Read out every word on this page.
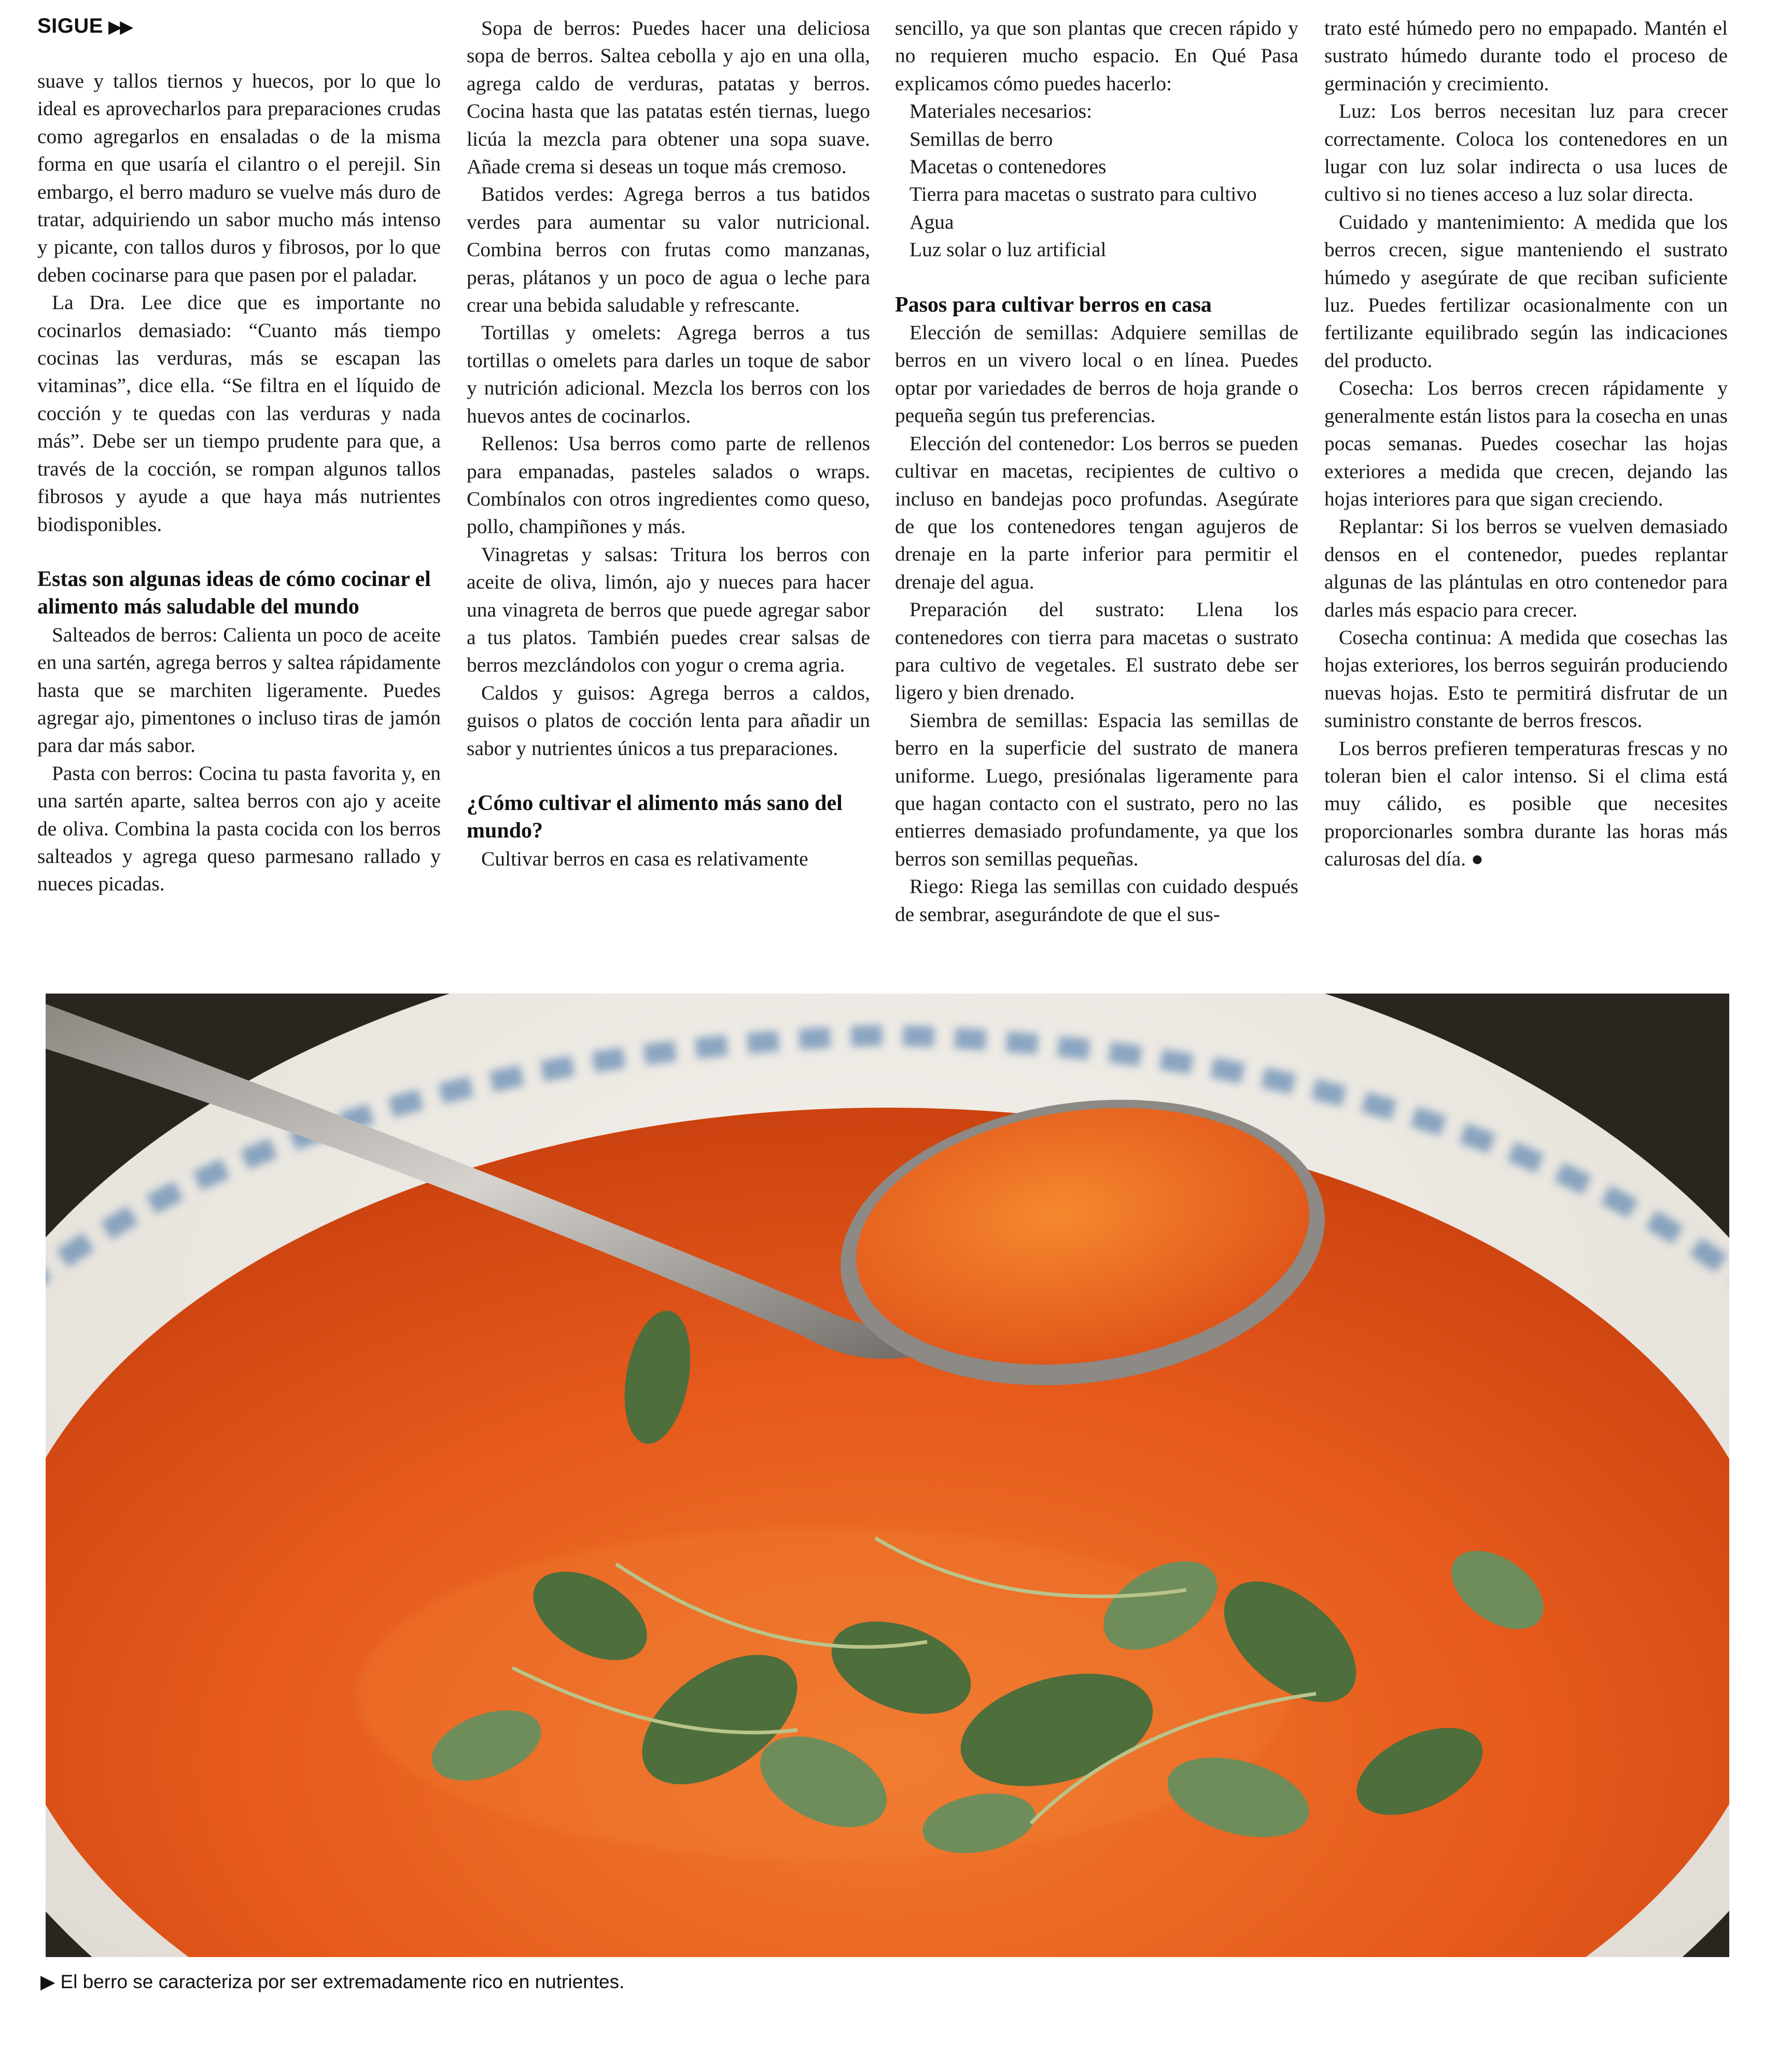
SIGUE ▶▶

suave y tallos tiernos y huecos, por lo que lo ideal es aprovecharlos para preparaciones crudas como agregarlos en ensaladas o de la misma forma en que usaría el cilantro o el perejil. Sin embargo, el berro maduro se vuelve más duro de tratar, adquiriendo un sabor mucho más intenso y picante, con tallos duros y fibrosos, por lo que deben cocinarse para que pasen por el paladar.

La Dra. Lee dice que es importante no cocinarlos demasiado: “Cuanto más tiempo cocinas las verduras, más se escapan las vitaminas”, dice ella. “Se filtra en el líquido de cocción y te quedas con las verduras y nada más”. Debe ser un tiempo prudente para que, a través de la cocción, se rompan algunos tallos fibrosos y ayude a que haya más nutrientes biodisponibles.

Estas son algunas ideas de cómo cocinar el alimento más saludable del mundo

Salteados de berros: Calienta un poco de aceite en una sartén, agrega berros y saltea rápidamente hasta que se marchiten ligeramente. Puedes agregar ajo, pimentones o incluso tiras de jamón para dar más sabor.

Pasta con berros: Cocina tu pasta favorita y, en una sartén aparte, saltea berros con ajo y aceite de oliva. Combina la pasta cocida con los berros salteados y agrega queso parmesano rallado y nueces picadas.

Sopa de berros: Puedes hacer una deliciosa sopa de berros. Saltea cebolla y ajo en una olla, agrega caldo de verduras, patatas y berros. Cocina hasta que las patatas estén tiernas, luego licúa la mezcla para obtener una sopa suave. Añade crema si deseas un toque más cremoso.

Batidos verdes: Agrega berros a tus batidos verdes para aumentar su valor nutricional. Combina berros con frutas como manzanas, peras, plátanos y un poco de agua o leche para crear una bebida saludable y refrescante.

Tortillas y omelets: Agrega berros a tus tortillas o omelets para darles un toque de sabor y nutrición adicional. Mezcla los berros con los huevos antes de cocinarlos.

Rellenos: Usa berros como parte de rellenos para empanadas, pasteles salados o wraps. Combínalos con otros ingredientes como queso, pollo, champiñones y más.

Vinagretas y salsas: Tritura los berros con aceite de oliva, limón, ajo y nueces para hacer una vinagreta de berros que puede agregar sabor a tus platos. También puedes crear salsas de berros mezclándolos con yogur o crema agria.

Caldos y guisos: Agrega berros a caldos, guisos o platos de cocción lenta para añadir un sabor y nutrientes únicos a tus preparaciones.

¿Cómo cultivar el alimento más sano del mundo?

Cultivar berros en casa es relativamente

sencillo, ya que son plantas que crecen rápido y no requieren mucho espacio. En Qué Pasa explicamos cómo puedes hacerlo:

Materiales necesarios:

Semillas de berro

Macetas o contenedores

Tierra para macetas o sustrato para cultivo

Agua

Luz solar o luz artificial

Pasos para cultivar berros en casa

Elección de semillas: Adquiere semillas de berros en un vivero local o en línea. Puedes optar por variedades de berros de hoja grande o pequeña según tus preferencias.

Elección del contenedor: Los berros se pueden cultivar en macetas, recipientes de cultivo o incluso en bandejas poco profundas. Asegúrate de que los contenedores tengan agujeros de drenaje en la parte inferior para permitir el drenaje del agua.

Preparación del sustrato: Llena los contenedores con tierra para macetas o sustrato para cultivo de vegetales. El sustrato debe ser ligero y bien drenado.

Siembra de semillas: Espacia las semillas de berro en la superficie del sustrato de manera uniforme. Luego, presiónalas ligeramente para que hagan contacto con el sustrato, pero no las entierres demasiado profundamente, ya que los berros son semillas pequeñas.

Riego: Riega las semillas con cuidado después de sembrar, asegurándote de que el sus-

trato esté húmedo pero no empapado. Mantén el sustrato húmedo durante todo el proceso de germinación y crecimiento.

Luz: Los berros necesitan luz para crecer correctamente. Coloca los contenedores en un lugar con luz solar indirecta o usa luces de cultivo si no tienes acceso a luz solar directa.

Cuidado y mantenimiento: A medida que los berros crecen, sigue manteniendo el sustrato húmedo y asegúrate de que reciban suficiente luz. Puedes fertilizar ocasionalmente con un fertilizante equilibrado según las indicaciones del producto.

Cosecha: Los berros crecen rápidamente y generalmente están listos para la cosecha en unas pocas semanas. Puedes cosechar las hojas exteriores a medida que crecen, dejando las hojas interiores para que sigan creciendo.

Replantar: Si los berros se vuelven demasiado densos en el contenedor, puedes replantar algunas de las plántulas en otro contenedor para darles más espacio para crecer.

Cosecha continua: A medida que cosechas las hojas exteriores, los berros seguirán produciendo nuevas hojas. Esto te permitirá disfrutar de un suministro constante de berros frescos.

Los berros prefieren temperaturas frescas y no toleran bien el calor intenso. Si el clima está muy cálido, es posible que necesites proporcionarles sombra durante las horas más calurosas del día. ●

▶ El berro se caracteriza por ser extremadamente rico en nutrientes.
